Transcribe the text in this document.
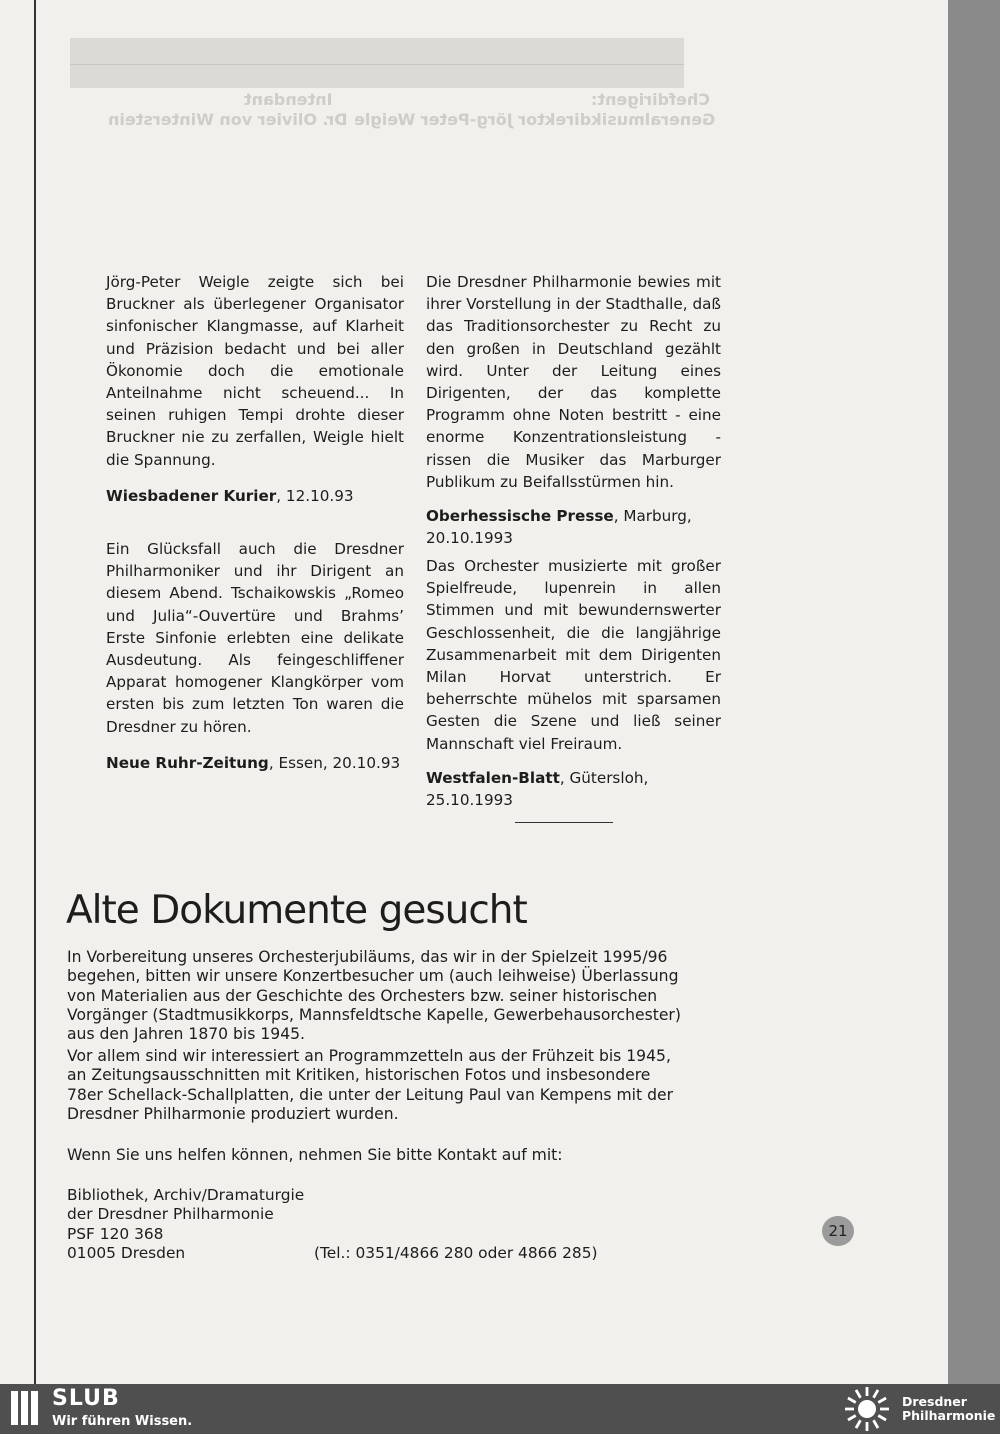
Intendant
Dr. Olivier von Winterstein
Chefdirigent:
Generalmusikdirektor Jörg-Peter Weigle

Jörg-Peter Weigle zeigte sich bei Bruckner als überlegener Organisator sinfonischer Klangmasse, auf Klarheit und Präzision bedacht und bei aller Ökonomie doch die emotionale Anteilnahme nicht scheuend... In seinen ruhigen Tempi drohte dieser Bruckner nie zu zerfallen, Weigle hielt die Spannung.

Wiesbadener Kurier, 12.10.93

Ein Glücksfall auch die Dresdner Philharmoniker und ihr Dirigent an diesem Abend. Tschaikowskis „Romeo und Julia“-Ouvertüre und Brahms’ Erste Sinfonie erlebten eine delikate Ausdeutung. Als feingeschliffener Apparat homogener Klangkörper vom ersten bis zum letzten Ton waren die Dresdner zu hören.

Neue Ruhr-Zeitung, Essen, 20.10.93

Die Dresdner Philharmonie bewies mit ihrer Vorstellung in der Stadthalle, daß das Traditionsorchester zu Recht zu den großen in Deutschland gezählt wird. Unter der Leitung eines Dirigenten, der das komplette Programm ohne Noten bestritt - eine enorme Konzentrationsleistung - rissen die Musiker das Marburger Publikum zu Beifallsstürmen hin.

Oberhessische Presse, Marburg, 20.10.1993

Das Orchester musizierte mit großer Spielfreude, lupenrein in allen Stimmen und mit bewundernswerter Geschlossenheit, die die langjährige Zusammenarbeit mit dem Dirigenten Milan Horvat unterstrich. Er beherrschte mühelos mit sparsamen Gesten die Szene und ließ seiner Mannschaft viel Freiraum.

Westfalen-Blatt, Gütersloh, 25.10.1993

Alte Dokumente gesucht
In Vorbereitung unseres Orchesterjubiläums, das wir in der Spielzeit 1995/96 begehen, bitten wir unsere Konzertbesucher um (auch leihweise) Überlassung von Materialien aus der Geschichte des Orchesters bzw. seiner historischen Vorgänger (Stadtmusikkorps, Mannsfeldtsche Kapelle, Gewerbehausorchester) aus den Jahren 1870 bis 1945.
Vor allem sind wir interessiert an Programmzetteln aus der Frühzeit bis 1945, an Zeitungsausschnitten mit Kritiken, historischen Fotos und insbesondere 78er Schellack-Schallplatten, die unter der Leitung Paul van Kempens mit der Dresdner Philharmonie produziert wurden.
Wenn Sie uns helfen können, nehmen Sie bitte Kontakt auf mit:
Bibliothek, Archiv/Dramaturgie
der Dresdner Philharmonie
PSF 120 368
01005 Dresden	(Tel.: 0351/4866 280 oder 4866 285)
21
SLUB
Wir führen Wissen.
Dresdner
Philharmonie
